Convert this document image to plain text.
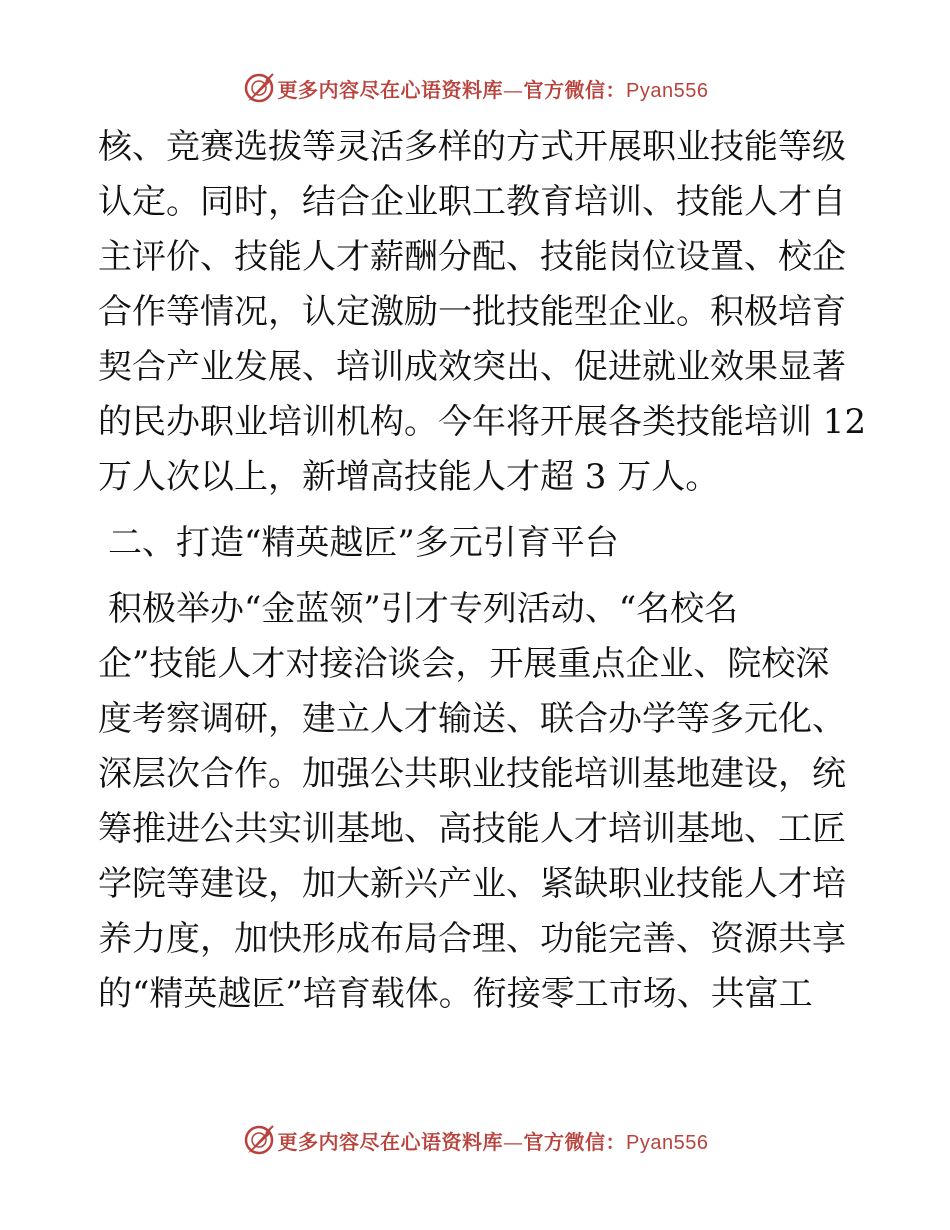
更多内容尽在心语资料库—官方微信：Pyan556
核、竞赛选拔等灵活多样的方式开展职业技能等级
认定。同时，结合企业职工教育培训、技能人才自
主评价、技能人才薪酬分配、技能岗位设置、校企
合作等情况，认定激励一批技能型企业。积极培育
契合产业发展、培训成效突出、促进就业效果显著
的民办职业培训机构。今年将开展各类技能培训 12
万人次以上，新增高技能人才超 3 万人。
二、打造“精英越匠”多元引育平台
积极举办“金蓝领”引才专列活动、“名校名
企”技能人才对接洽谈会，开展重点企业、院校深
度考察调研，建立人才输送、联合办学等多元化、
深层次合作。加强公共职业技能培训基地建设，统
筹推进公共实训基地、高技能人才培训基地、工匠
学院等建设，加大新兴产业、紧缺职业技能人才培
养力度，加快形成布局合理、功能完善、资源共享
的“精英越匠”培育载体。衔接零工市场、共富工
更多内容尽在心语资料库—官方微信：Pyan556
